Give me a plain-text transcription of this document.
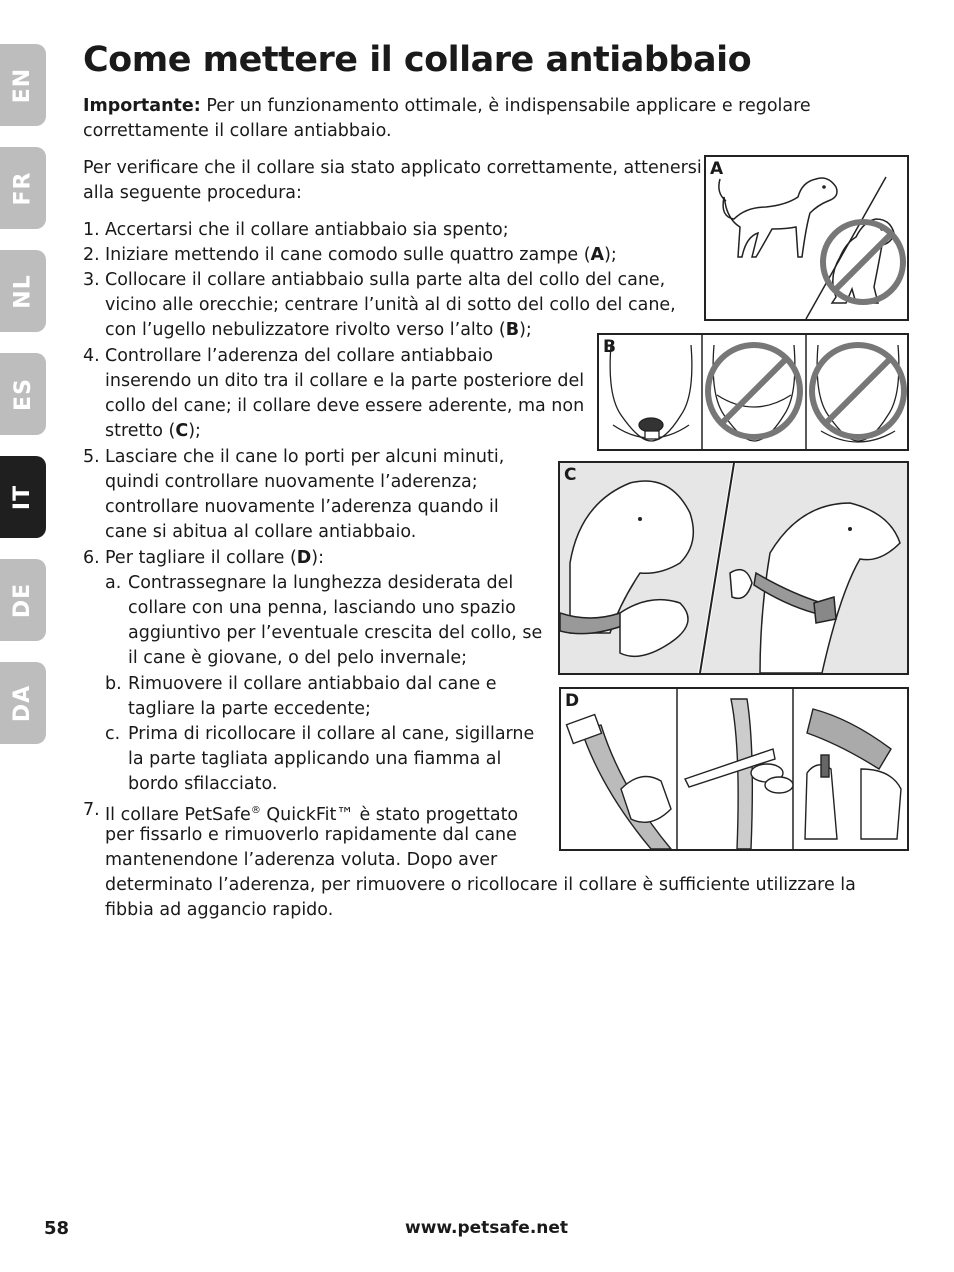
EN
FR
NL
ES
IT
DE
DA
Come mettere il collare antiabbaio
Importante: Per un funzionamento ottimale, è indispensabile applicare e regolare
correttamente il collare antiabbaio.
Per verificare che il collare sia stato applicato correttamente, attenersi
alla seguente procedura:
1. Accertarsi che il collare antiabbaio sia spento;
2. Iniziare mettendo il cane comodo sulle quattro zampe (A);
3. Collocare il collare antiabbaio sulla parte alta del collo del cane,
vicino alle orecchie; centrare l’unità al di sotto del collo del cane,
con l’ugello nebulizzatore rivolto verso l’alto (B);
4. Controllare l’aderenza del collare antiabbaio
inserendo un dito tra il collare e la parte posteriore del
collo del cane; il collare deve essere aderente, ma non
stretto (C);
5. Lasciare che il cane lo porti per alcuni minuti,
quindi controllare nuovamente l’aderenza;
controllare nuovamente l’aderenza quando il
cane si abitua al collare antiabbaio.
6. Per tagliare il collare (D):
a. Contrassegnare la lunghezza desiderata del
collare con una penna, lasciando uno spazio
aggiuntivo per l’eventuale crescita del collo, se
il cane è giovane, o del pelo invernale;
b. Rimuovere il collare antiabbaio dal cane e
tagliare la parte eccedente;
c. Prima di ricollocare il collare al cane, sigillarne
la parte tagliata applicando una fiamma al
bordo sfilacciato.
7. Il collare PetSafe® QuickFit™ è stato progettato
per fissarlo e rimuoverlo rapidamente dal cane
mantenendone l’aderenza voluta. Dopo aver
determinato l’aderenza, per rimuovere o ricollocare il collare è sufficiente utilizzare la
fibbia ad aggancio rapido.
A
B
C
D
58	www.petsafe.net
